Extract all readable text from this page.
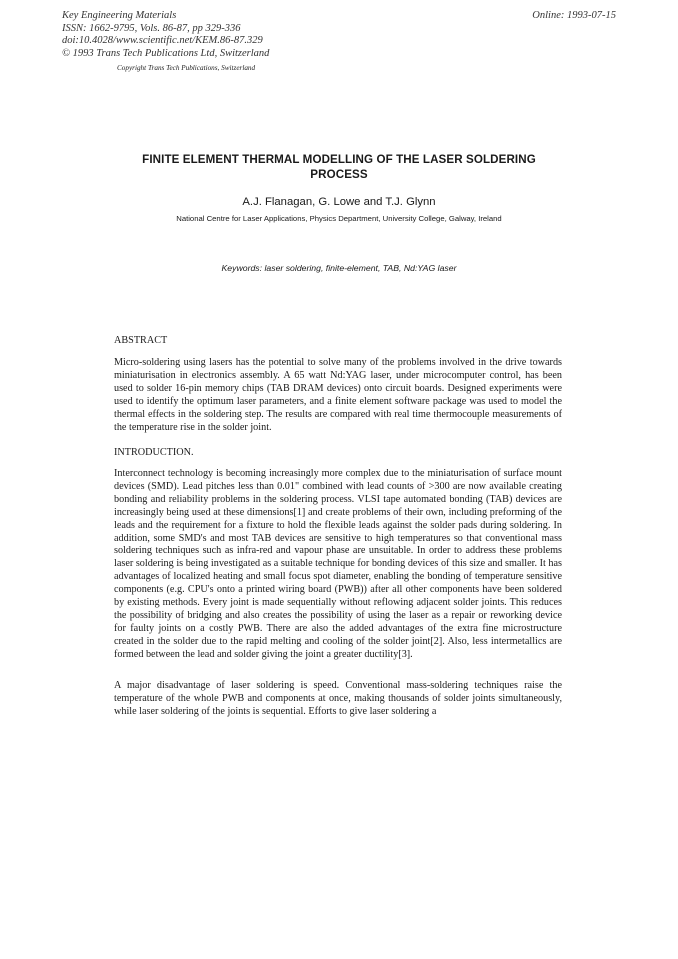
Key Engineering Materials
ISSN: 1662-9795, Vols. 86-87, pp 329-336
doi:10.4028/www.scientific.net/KEM.86-87.329
© 1993 Trans Tech Publications Ltd, Switzerland
Online: 1993-07-15
Copyright Trans Tech Publications, Switzerland
FINITE ELEMENT THERMAL MODELLING OF THE LASER SOLDERING
PROCESS
A.J. Flanagan, G. Lowe and T.J. Glynn
National Centre for Laser Applications, Physics Department, University College, Galway, Ireland
Keywords: laser soldering, finite-element, TAB, Nd:YAG laser
ABSTRACT
Micro-soldering using lasers has the potential to solve many of the problems involved in the drive towards miniaturisation in electronics assembly. A 65 watt Nd:YAG laser, under microcomputer control, has been used to solder 16-pin memory chips (TAB DRAM devices) onto circuit boards. Designed experiments were used to identify the optimum laser parameters, and a finite element software package was used to model the thermal effects in the soldering step. The results are compared with real time thermocouple measurements of the temperature rise in the solder joint.
INTRODUCTION.
Interconnect technology is becoming increasingly more complex due to the miniaturisation of surface mount devices (SMD). Lead pitches less than 0.01" combined with lead counts of >300 are now available creating bonding and reliability problems in the soldering process. VLSI tape automated bonding (TAB) devices are increasingly being used at these dimensions[1] and create problems of their own, including preforming of the leads and the requirement for a fixture to hold the flexible leads against the solder pads during soldering. In addition, some SMD's and most TAB devices are sensitive to high temperatures so that conventional mass soldering techniques such as infra-red and vapour phase are unsuitable. In order to address these problems laser soldering is being investigated as a suitable technique for bonding devices of this size and smaller. It has advantages of localized heating and small focus spot diameter, enabling the bonding of temperature sensitive components (e.g. CPU's onto a printed wiring board (PWB)) after all other components have been soldered by existing methods. Every joint is made sequentially without reflowing adjacent solder joints. This reduces the possibility of bridging and also creates the possibility of using the laser as a repair or reworking device for faulty joints on a costly PWB. There are also the added advantages of the extra fine microstructure created in the solder due to the rapid melting and cooling of the solder joint[2]. Also, less intermetallics are formed between the lead and solder giving the joint a greater ductility[3].
A major disadvantage of laser soldering is speed. Conventional mass-soldering techniques raise the temperature of the whole PWB and components at once, making thousands of solder joints simultaneously, while laser soldering of the joints is sequential. Efforts to give laser soldering a
